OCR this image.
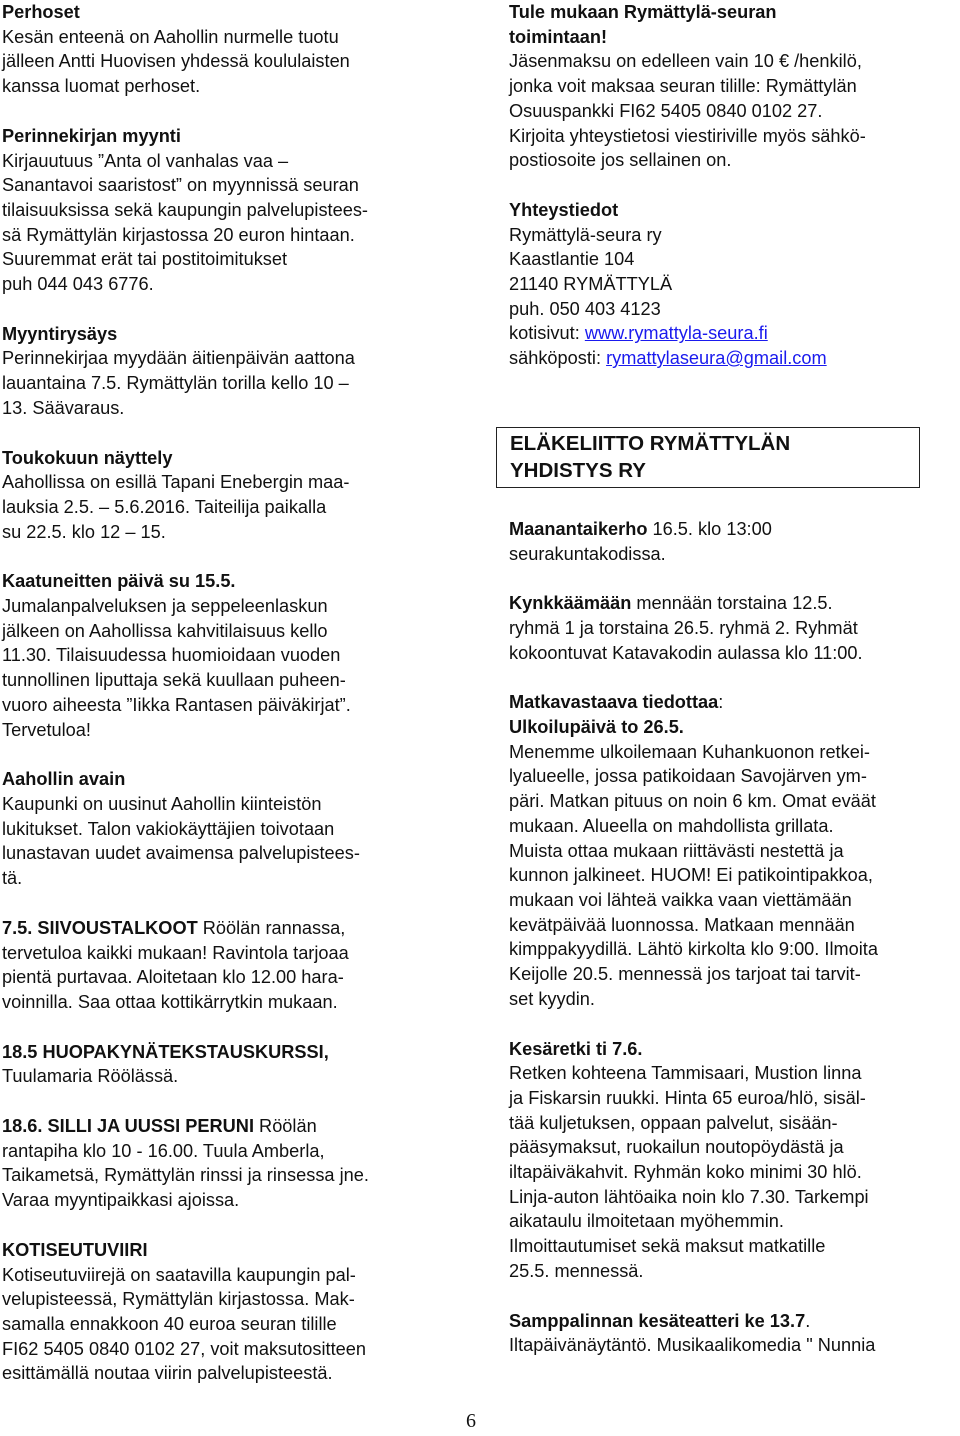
Perhoset

Kesän enteenä on Aahollin nurmelle tuotu

jälleen Antti Huovisen yhdessä koululaisten

kanssa luomat perhoset.

Perinnekirjan myynti

Kirjauutuus ”Anta ol vanhalas vaa –

Sanantavoi saaristost” on myynnissä seuran

tilaisuuksissa sekä kaupungin palvelupistees-

sä Rymättylän kirjastossa 20 euron hintaan.

Suuremmat erät tai postitoimitukset

puh 044 043 6776.

Myyntirysäys

Perinnekirjaa myydään äitienpäivän aattona

lauantaina 7.5. Rymättylän torilla kello 10 –

13. Säävaraus.

Toukokuun näyttely

Aahollissa on esillä Tapani Enebergin maa-

lauksia 2.5. – 5.6.2016. Taiteilija paikalla

su 22.5. klo 12 – 15.

Kaatuneitten päivä su 15.5.

Jumalanpalveluksen ja seppeleenlaskun

jälkeen on Aahollissa kahvitilaisuus kello

11.30. Tilaisuudessa huomioidaan vuoden

tunnollinen liputtaja sekä kuullaan puheen-

vuoro aiheesta ”Iikka Rantasen päiväkirjat”.

Tervetuloa!

Aahollin avain

Kaupunki on uusinut Aahollin kiinteistön

lukitukset. Talon vakiokäyttäjien toivotaan

lunastavan uudet avaimensa palvelupistees-

tä.

7.5. SIIVOUSTALKOOT Röölän rannassa,

tervetuloa kaikki mukaan! Ravintola tarjoaa

pientä purtavaa. Aloitetaan klo 12.00 hara-

voinnilla. Saa ottaa kottikärrytkin mukaan.

18.5 HUOPAKYNÄTEKSTAUSKURSSI,

Tuulamaria Röölässä.

18.6. SILLI JA UUSSI PERUNI Röölän

rantapiha klo 10 - 16.00. Tuula Amberla,

Taikametsä, Rymättylän rinssi ja rinsessa jne.

Varaa myyntipaikkasi ajoissa.

KOTISEUTUVIIRI

Kotiseutuviirejä on saatavilla kaupungin pal-

velupisteessä, Rymättylän kirjastossa. Mak-

samalla ennakkoon 40 euroa seuran tilille

FI62 5405 0840 0102 27, voit maksutositteen

esittämällä noutaa viirin palvelupisteestä.

Tule mukaan Rymättylä-seuran

toimintaan!

Jäsenmaksu on edelleen vain 10 € /henkilö,

jonka voit maksaa seuran tilille: Rymättylän

Osuuspankki FI62 5405 0840 0102 27.

Kirjoita yhteystietosi viestiriville myös sähkö-

postiosoite jos sellainen on.

Yhteystiedot

Rymättylä-seura ry

Kaastlantie 104

21140 RYMÄTTYLÄ

puh. 050 403 4123

kotisivut: www.rymattyla-seura.fi

sähköposti: rymattylaseura@gmail.com

ELÄKELIITTO RYMÄTTYLÄN
YHDISTYS RY

Maanantaikerho 16.5. klo 13:00

seurakuntakodissa.

Kynkkäämään mennään torstaina 12.5.

ryhmä 1 ja torstaina 26.5. ryhmä 2. Ryhmät

kokoontuvat Katavakodin aulassa klo 11:00.

Matkavastaava tiedottaa:

Ulkoilupäivä to 26.5.

Menemme ulkoilemaan Kuhankuonon retkei-

lyalueelle, jossa patikoidaan Savojärven ym-

päri. Matkan pituus on noin 6 km. Omat eväät

mukaan. Alueella on mahdollista grillata.

Muista ottaa mukaan riittävästi nestettä ja

kunnon jalkineet. HUOM! Ei patikointipakkoa,

mukaan voi lähteä vaikka vaan viettämään

kevätpäivää luonnossa. Matkaan mennään

kimppakyydillä. Lähtö kirkolta klo 9:00. Ilmoita

Keijolle 20.5. mennessä jos tarjoat tai tarvit-

set kyydin.

Kesäretki ti 7.6.

Retken kohteena Tammisaari, Mustion linna

ja Fiskarsin ruukki. Hinta 65 euroa/hlö, sisäl-

tää kuljetuksen, oppaan palvelut, sisään-

pääsymaksut, ruokailun noutopöydästä ja

iltapäiväkahvit. Ryhmän koko minimi 30 hlö.

Linja-auton lähtöaika noin klo 7.30. Tarkempi

aikataulu ilmoitetaan myöhemmin.

Ilmoittautumiset sekä maksut matkatille

25.5. mennessä.

Samppalinnan kesäteatteri ke 13.7.

Iltapäivänäytäntö. Musikaalikomedia " Nunnia

6
